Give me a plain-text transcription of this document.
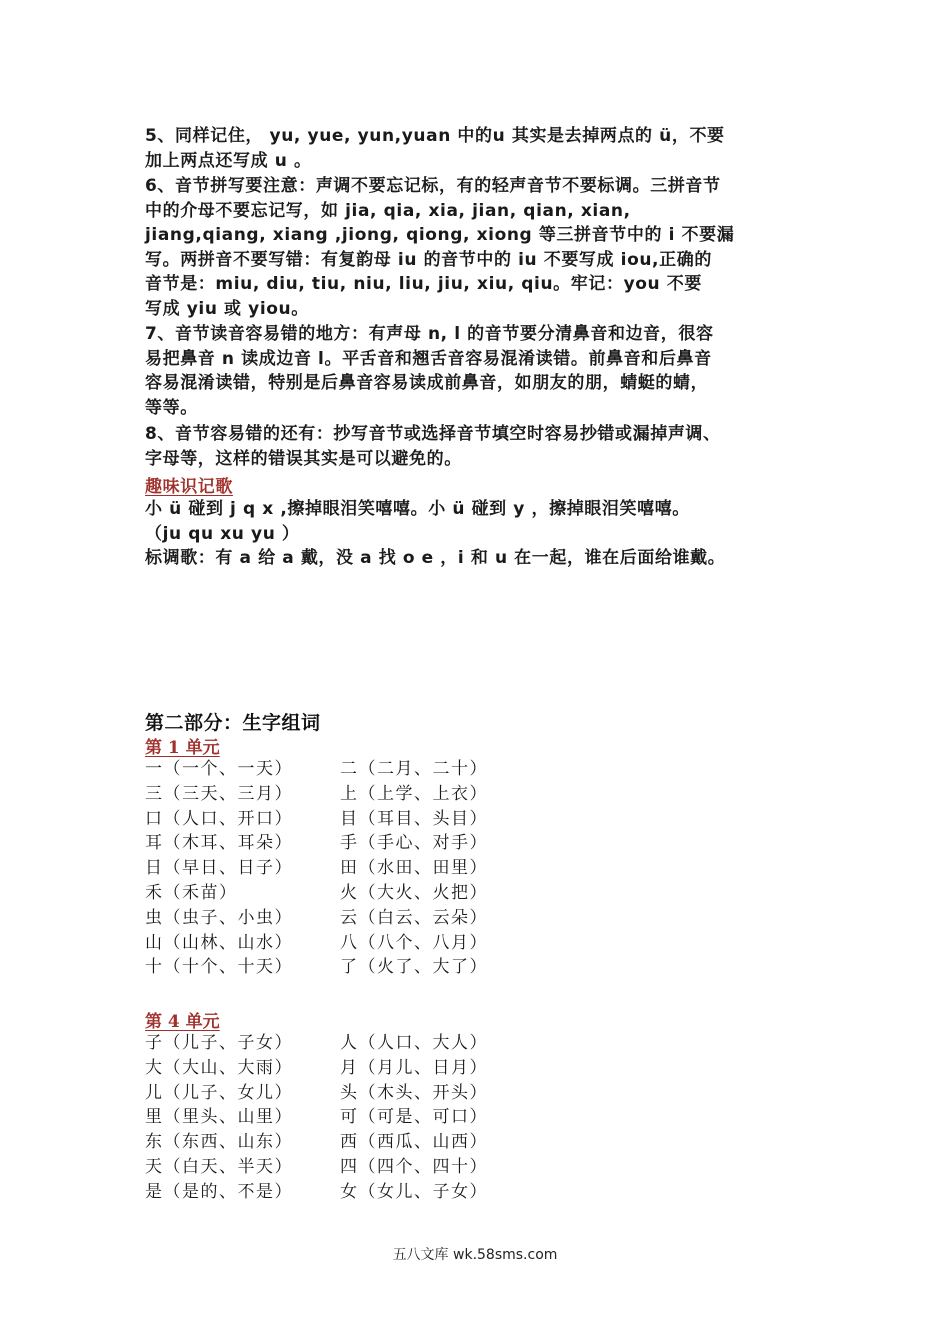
5、同样记住， yu, yue, yun,yuan 中的u 其实是去掉两点的 ü，不要
加上两点还写成 u 。
6、音节拼写要注意：声调不要忘记标，有的轻声音节不要标调。三拼音节
中的介母不要忘记写，如 jia, qia, xia, jian, qian, xian,
jiang,qiang, xiang ,jiong, qiong, xiong 等三拼音节中的 i 不要漏
写。两拼音不要写错：有复韵母 iu 的音节中的 iu 不要写成 iou,正确的
音节是：miu, diu, tiu, niu, liu, jiu, xiu, qiu。牢记：you 不要
写成 yiu 或 yiou。
7、音节读音容易错的地方：有声母 n, l 的音节要分清鼻音和边音，很容
易把鼻音 n 读成边音 l。平舌音和翘舌音容易混淆读错。前鼻音和后鼻音
容易混淆读错，特别是后鼻音容易读成前鼻音，如朋友的朋，蜻蜓的蜻，
等等。
8、音节容易错的还有：抄写音节或选择音节填空时容易抄错或漏掉声调、
字母等，这样的错误其实是可以避免的。
趣味识记歌
小 ü 碰到 j q x ,擦掉眼泪笑嘻嘻。小 ü 碰到 y ，擦掉眼泪笑嘻嘻。
（ju qu xu yu ）
标调歌：有 a 给 a 戴，没 a 找 o e ，i 和 u 在一起，谁在后面给谁戴。
第二部分：生字组词
第 1 单元
一（一个、一天）	二（二月、二十）
三（三天、三月）	上（上学、上衣）
口（人口、开口）	目（耳目、头目）
耳（木耳、耳朵）	手（手心、对手）
日（早日、日子）	田（水田、田里）
禾（禾苗）	火（大火、火把）
虫（虫子、小虫）	云（白云、云朵）
山（山林、山水）	八（八个、八月）
十（十个、十天）	了（火了、大了）
第 4 单元
子（儿子、子女）	人（人口、大人）
大（大山、大雨）	月（月儿、日月）
儿（儿子、女儿）	头（木头、开头）
里（里头、山里）	可（可是、可口）
东（东西、山东）	西（西瓜、山西）
天（白天、半天）	四（四个、四十）
是（是的、不是）	女（女儿、子女）
五八文库 wk.58sms.com
